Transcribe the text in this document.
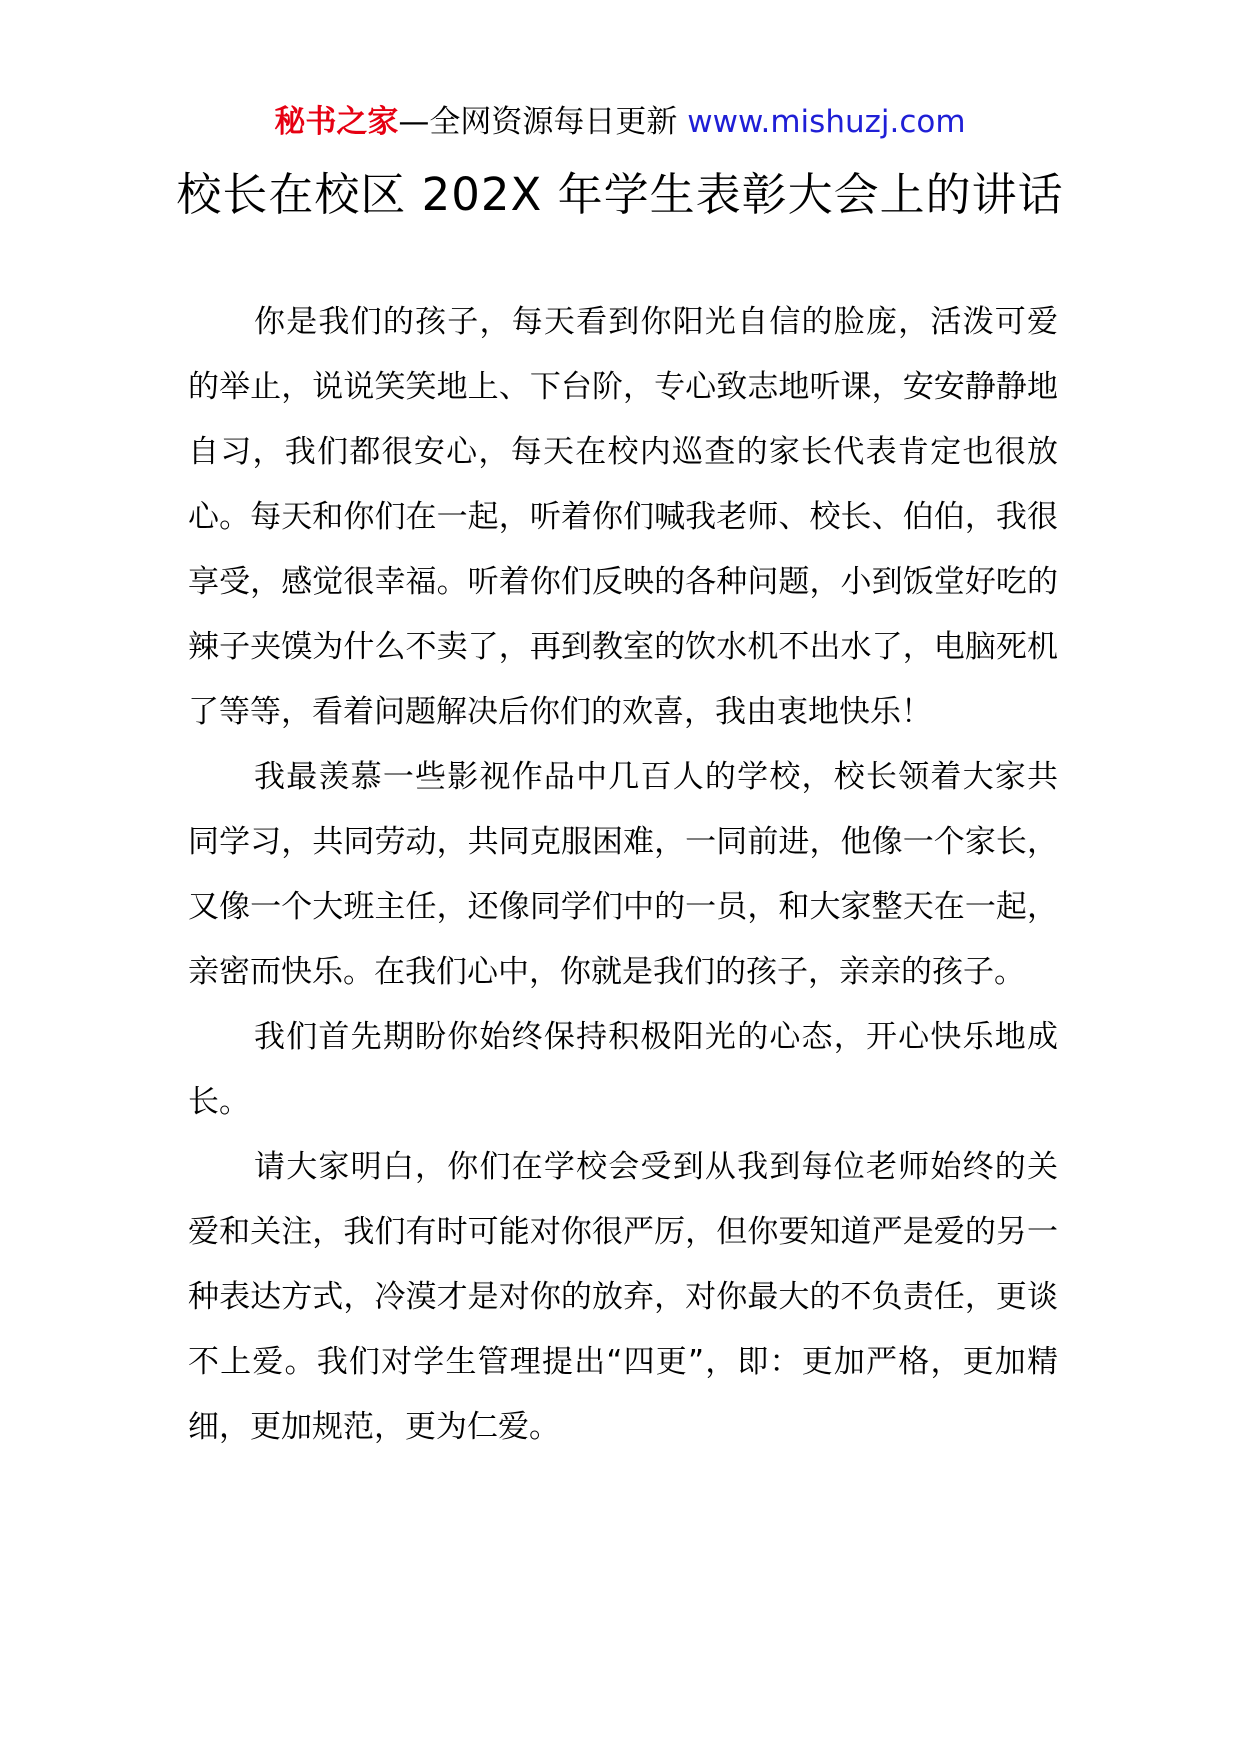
秘书之家—全网资源每日更新 www.mishuzj.com
校长在校区 202X 年学生表彰大会上的讲话

你是我们的孩子，每天看到你阳光自信的脸庞，活泼可爱的举止，说说笑笑地上、下台阶，专心致志地听课，安安静静地自习，我们都很安心，每天在校内巡查的家长代表肯定也很放心。每天和你们在一起，听着你们喊我老师、校长、伯伯，我很享受，感觉很幸福。听着你们反映的各种问题，小到饭堂好吃的辣子夹馍为什么不卖了，再到教室的饮水机不出水了，电脑死机了等等，看着问题解决后你们的欢喜，我由衷地快乐！

我最羡慕一些影视作品中几百人的学校，校长领着大家共同学习，共同劳动，共同克服困难，一同前进，他像一个家长，又像一个大班主任，还像同学们中的一员，和大家整天在一起，亲密而快乐。在我们心中，你就是我们的孩子，亲亲的孩子。

我们首先期盼你始终保持积极阳光的心态，开心快乐地成长。

请大家明白，你们在学校会受到从我到每位老师始终的关爱和关注，我们有时可能对你很严厉，但你要知道严是爱的另一种表达方式，冷漠才是对你的放弃，对你最大的不负责任，更谈不上爱。我们对学生管理提出“四更”，即：更加严格，更加精细，更加规范，更为仁爱。
